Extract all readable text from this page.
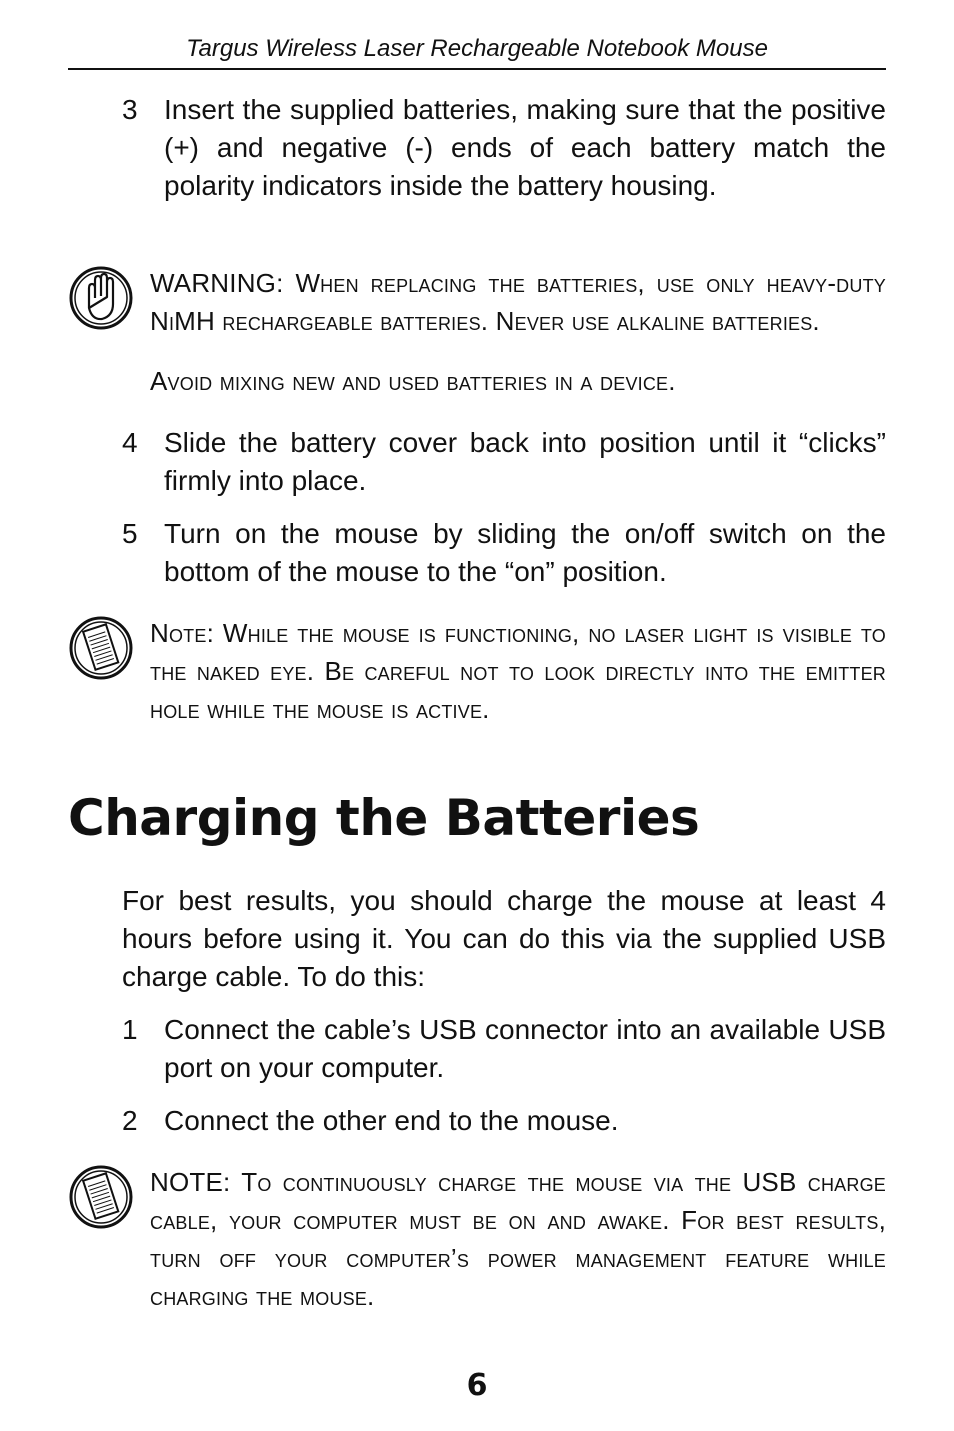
Targus Wireless Laser Rechargeable Notebook Mouse
3 Insert the supplied batteries, making sure that the positive (+) and negative (-) ends of each battery match the polarity indicators inside the battery housing.

WARNING: When replacing the batteries, use only heavy-duty NiMH rechargeable batteries. Never use alkaline batteries.

Avoid mixing new and used batteries in a device.

4 Slide the battery cover back into position until it “clicks” firmly into place.
5 Turn on the mouse by sliding the on/off switch on the bottom of the mouse to the “on” position.

Note: While the mouse is functioning, no laser light is visible to the naked eye. Be careful not to look directly into the emitter hole while the mouse is active.

Charging the Batteries
For best results, you should charge the mouse at least 4 hours before using it. You can do this via the supplied USB charge cable. To do this:
1 Connect the cable’s USB connector into an available USB port on your computer.
2 Connect the other end to the mouse.

NOTE: To continuously charge the mouse via the USB charge cable, your computer must be on and awake. For best results, turn off your computer’s power management feature while charging the mouse.

6
